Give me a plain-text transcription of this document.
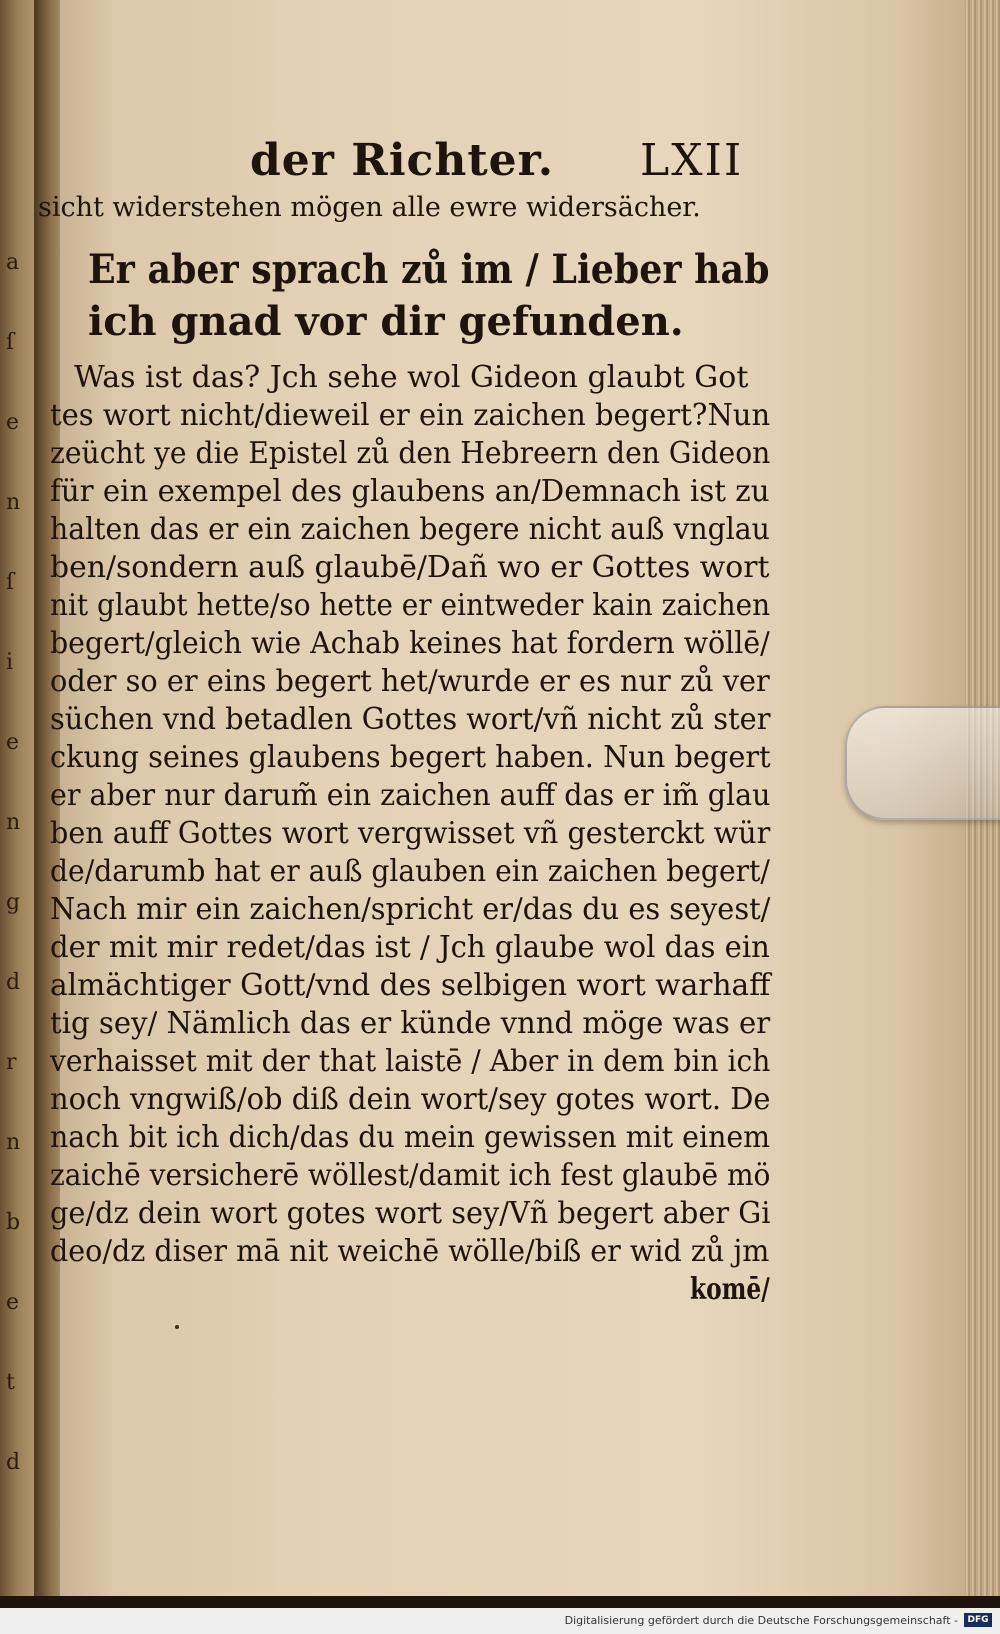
a
ſ
e
n
ſ
i
e
n
g
d
r
n
b
e
t
d
der Richter. LXII
sicht widerstehen mögen alle ewre widersächer.
Er aber sprach zů im / Lieber hab
ich gnad vor dir gefunden.
Was ist das? Jch sehe wol Gideon glaubt Got
tes wort nicht/dieweil er ein zaichen begert?Nun
zeücht ye die Epistel zů den Hebreern den Gideon
für ein exempel des glaubens an/Demnach ist zu
halten das er ein zaichen begere nicht auß vnglau
ben/sondern auß glaubē/Dañ wo er Gottes wort
nit glaubt hette/so hette er eintweder kain zaichen
begert/gleich wie Achab keines hat fordern wöllē/
oder so er eins begert het/wurde er es nur zů ver
süchen vnd betadlen Gottes wort/vñ nicht zů ster
ckung seines glaubens begert haben. Nun begert
er aber nur darum̃ ein zaichen auff das er im̃ glau
ben auff Gottes wort vergwisset vñ gesterckt wür
de/darumb hat er auß glauben ein zaichen begert/
Nach mir ein zaichen/spricht er/das du es seyest/
der mit mir redet/das ist / Jch glaube wol das ein
almächtiger Gott/vnd des selbigen wort warhaff
tig sey/ Nämlich das er künde vnnd möge was er
verhaisset mit der that laistē / Aber in dem bin ich
noch vngwiß/ob diß dein wort/sey gotes wort. De
nach bit ich dich/das du mein gewissen mit einem
zaichē versicherē wöllest/damit ich fest glaubē mö
ge/dz dein wort gotes wort sey/Vñ begert aber Gi
deo/dz diser mā nit weichē wölle/biß er wid zů jm
komē/
Digitalisierung gefördert durch die Deutsche Forschungsgemeinschaft -	DFG
